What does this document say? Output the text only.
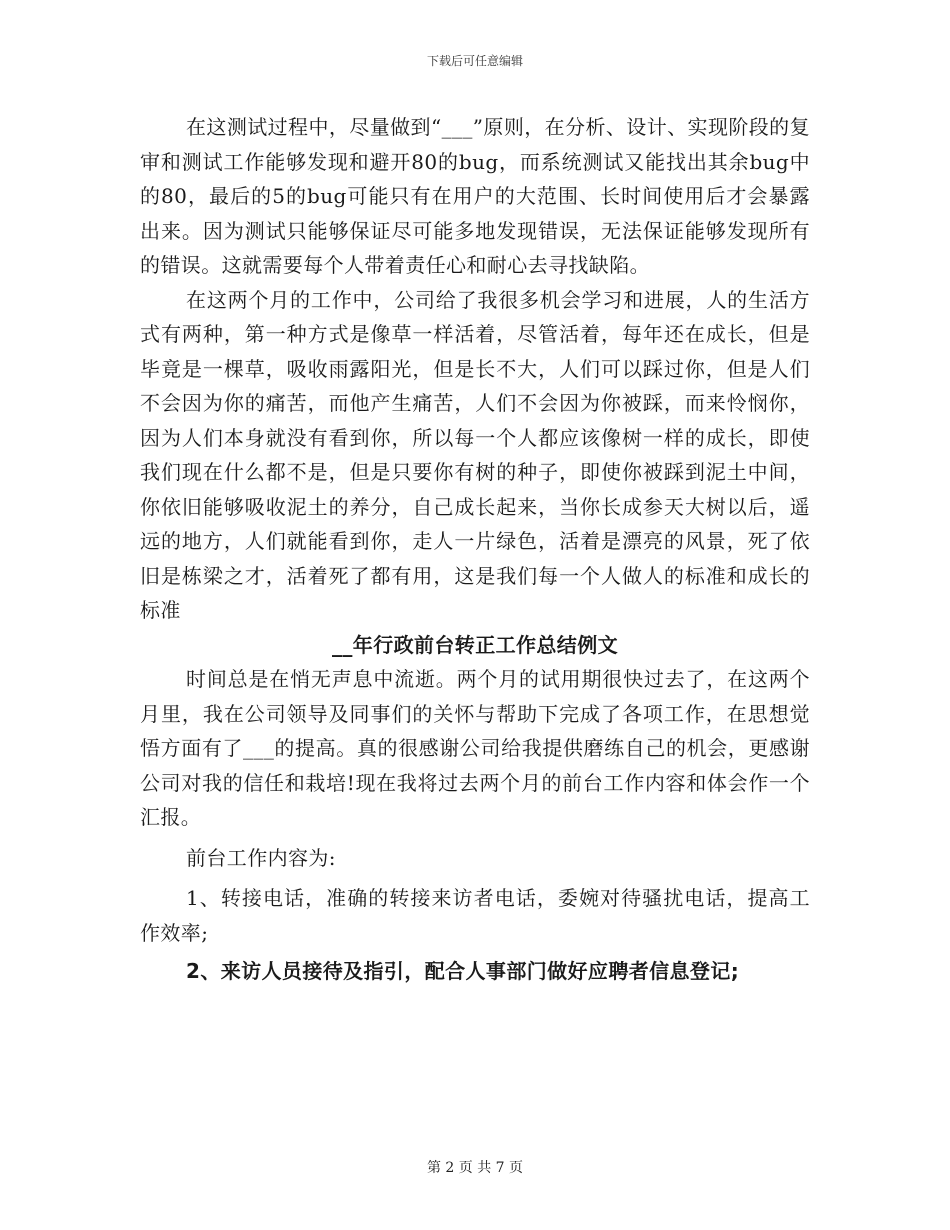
下载后可任意编辑

在这测试过程中，尽量做到“___”原则，在分析、设计、实现阶段的复审和测试工作能够发现和避开80的bug，而系统测试又能找出其余bug中的80，最后的5的bug可能只有在用户的大范围、长时间使用后才会暴露出来。因为测试只能够保证尽可能多地发现错误，无法保证能够发现所有的错误。这就需要每个人带着责任心和耐心去寻找缺陷。

在这两个月的工作中，公司给了我很多机会学习和进展，人的生活方式有两种，第一种方式是像草一样活着，尽管活着，每年还在成长，但是毕竟是一棵草，吸收雨露阳光，但是长不大，人们可以踩过你，但是人们不会因为你的痛苦，而他产生痛苦，人们不会因为你被踩，而来怜悯你，因为人们本身就没有看到你，所以每一个人都应该像树一样的成长，即使我们现在什么都不是，但是只要你有树的种子，即使你被踩到泥土中间，你依旧能够吸收泥土的养分，自己成长起来，当你长成参天大树以后，遥远的地方，人们就能看到你，走人一片绿色，活着是漂亮的风景，死了依旧是栋梁之才，活着死了都有用，这是我们每一个人做人的标准和成长的标准

__年行政前台转正工作总结例文

时间总是在悄无声息中流逝。两个月的试用期很快过去了，在这两个月里，我在公司领导及同事们的关怀与帮助下完成了各项工作，在思想觉悟方面有了___的提高。真的很感谢公司给我提供磨练自己的机会，更感谢公司对我的信任和栽培!现在我将过去两个月的前台工作内容和体会作一个汇报。

前台工作内容为:

1、转接电话，准确的转接来访者电话，委婉对待骚扰电话，提高工作效率;

2、来访人员接待及指引，配合人事部门做好应聘者信息登记;

第 2 页 共 7 页
